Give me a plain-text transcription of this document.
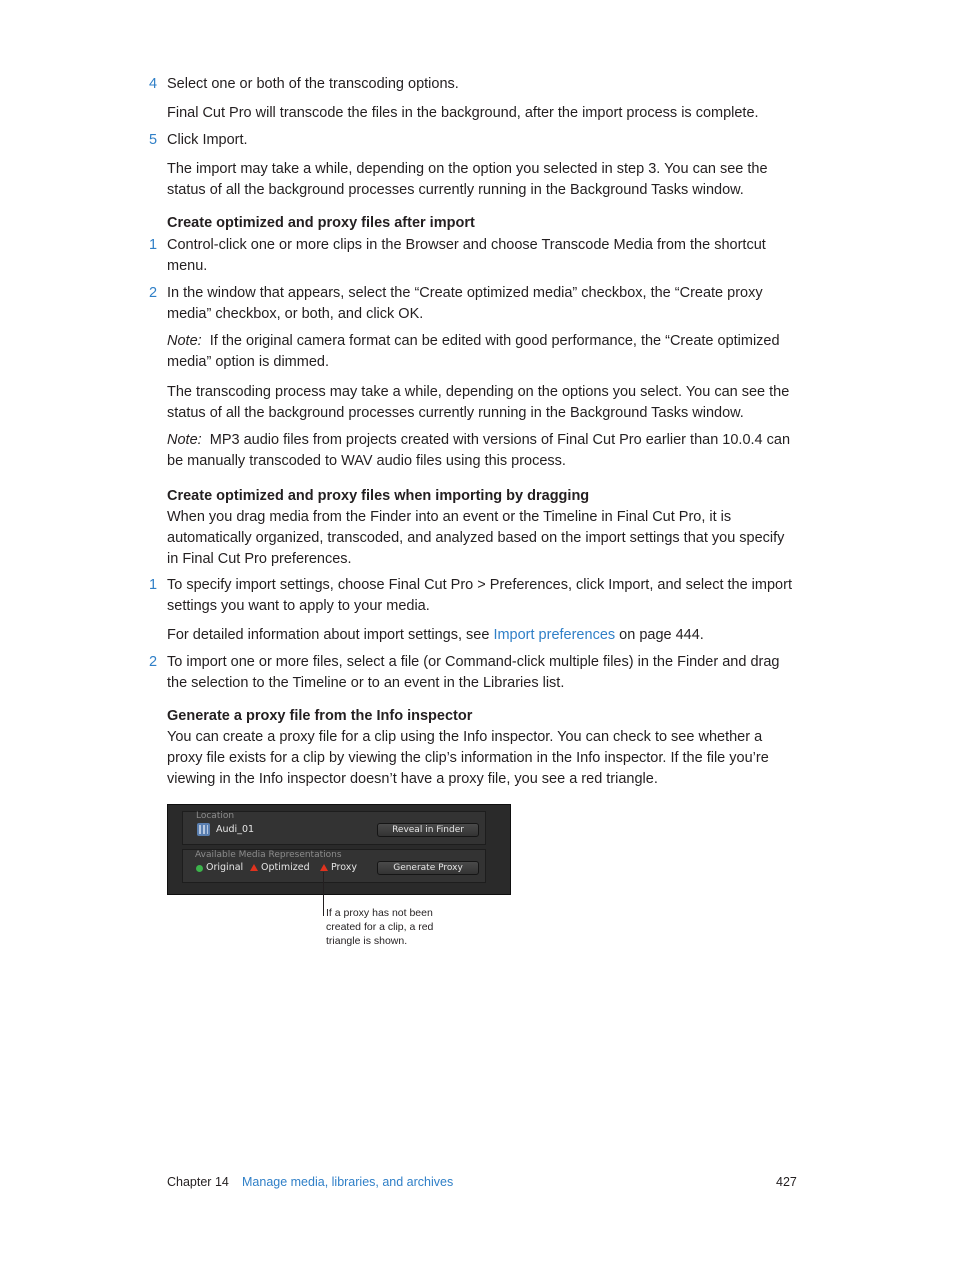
4 Select one or both of the transcoding options.
Final Cut Pro will transcode the files in the background, after the import process is complete.
5 Click Import.
The import may take a while, depending on the option you selected in step 3. You can see the status of all the background processes currently running in the Background Tasks window.
Create optimized and proxy files after import
1 Control-click one or more clips in the Browser and choose Transcode Media from the shortcut menu.
2 In the window that appears, select the “Create optimized media” checkbox, the “Create proxy media” checkbox, or both, and click OK.
Note: If the original camera format can be edited with good performance, the “Create optimized media” option is dimmed.
The transcoding process may take a while, depending on the options you select. You can see the status of all the background processes currently running in the Background Tasks window.
Note: MP3 audio files from projects created with versions of Final Cut Pro earlier than 10.0.4 can be manually transcoded to WAV audio files using this process.
Create optimized and proxy files when importing by dragging
When you drag media from the Finder into an event or the Timeline in Final Cut Pro, it is automatically organized, transcoded, and analyzed based on the import settings that you specify in Final Cut Pro preferences.
1 To specify import settings, choose Final Cut Pro > Preferences, click Import, and select the import settings you want to apply to your media.
For detailed information about import settings, see Import preferences on page 444.
2 To import one or more files, select a file (or Command-click multiple files) in the Finder and drag the selection to the Timeline or to an event in the Libraries list.
Generate a proxy file from the Info inspector
You can create a proxy file for a clip using the Info inspector. You can check to see whether a proxy file exists for a clip by viewing the clip’s information in the Info inspector. If the file you’re viewing in the Info inspector doesn’t have a proxy file, you see a red triangle.
Location
Audi_01	Reveal in Finder
Available Media Representations
Original Optimized Proxy	Generate Proxy
If a proxy has not been created for a clip, a red triangle is shown.
Chapter 14 Manage media, libraries, and archives	427
